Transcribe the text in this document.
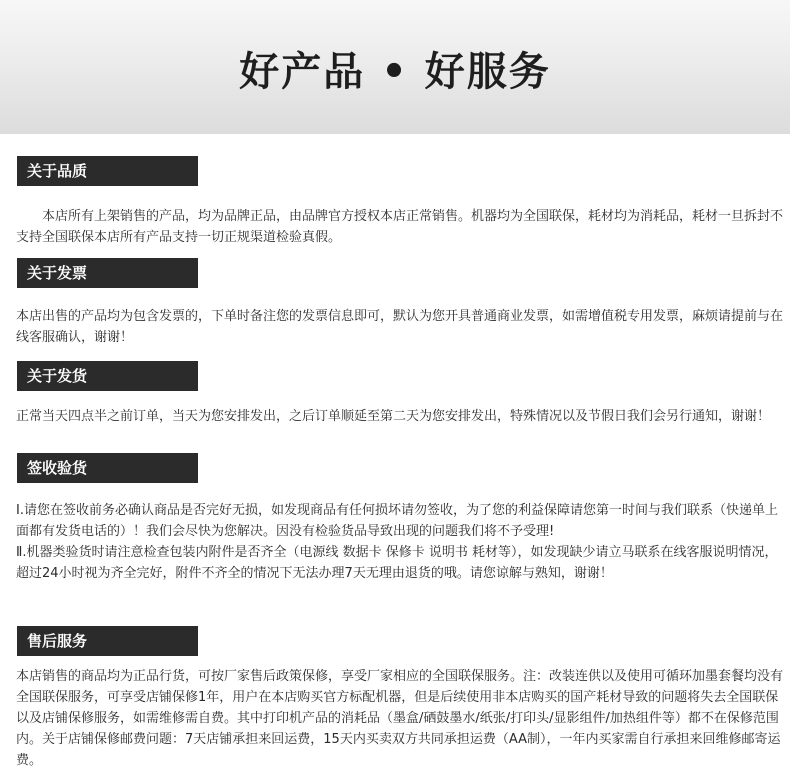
好产品 • 好服务
关于品质

　　本店所有上架销售的产品，均为品牌正品，由品牌官方授权本店正常销售。机器均为全国联保，耗材均为消耗品，耗材一旦拆封不支持全国联保本店所有产品支持一切正规渠道检验真假。

关于发票

本店出售的产品均为包含发票的，下单时备注您的发票信息即可，默认为您开具普通商业发票，如需增值税专用发票，麻烦请提前与在线客服确认，谢谢！

关于发货

正常当天四点半之前订单，当天为您安排发出，之后订单顺延至第二天为您安排发出，特殊情况以及节假日我们会另行通知，谢谢！

签收验货

Ⅰ.请您在签收前务必确认商品是否完好无损，如发现商品有任何损坏请勿签收，为了您的利益保障请您第一时间与我们联系（快递单上面都有发货电话的）！我们会尽快为您解决。因没有检验货品导致出现的问题我们将不予受理!

Ⅱ.机器类验货时请注意检查包装内附件是否齐全（电源线 数据卡 保修卡 说明书 耗材等），如发现缺少请立马联系在线客服说明情况，超过24小时视为齐全完好，附件不齐全的情况下无法办理7天无理由退货的哦。请您谅解与熟知，谢谢！

售后服务

本店销售的商品均为正品行货，可按厂家售后政策保修，享受厂家相应的全国联保服务。注：改装连供以及使用可循环加墨套餐均没有全国联保服务，可享受店铺保修1年，用户在本店购买官方标配机器，但是后续使用非本店购买的国产耗材导致的问题将失去全国联保以及店铺保修服务，如需维修需自费。其中打印机产品的消耗品（墨盒/硒鼓墨水/纸张/打印头/显影组件/加热组件等）都不在保修范围内。关于店铺保修邮费问题：7天店铺承担来回运费，15天内买卖双方共同承担运费（AA制），一年内买家需自行承担来回维修邮寄运费。
